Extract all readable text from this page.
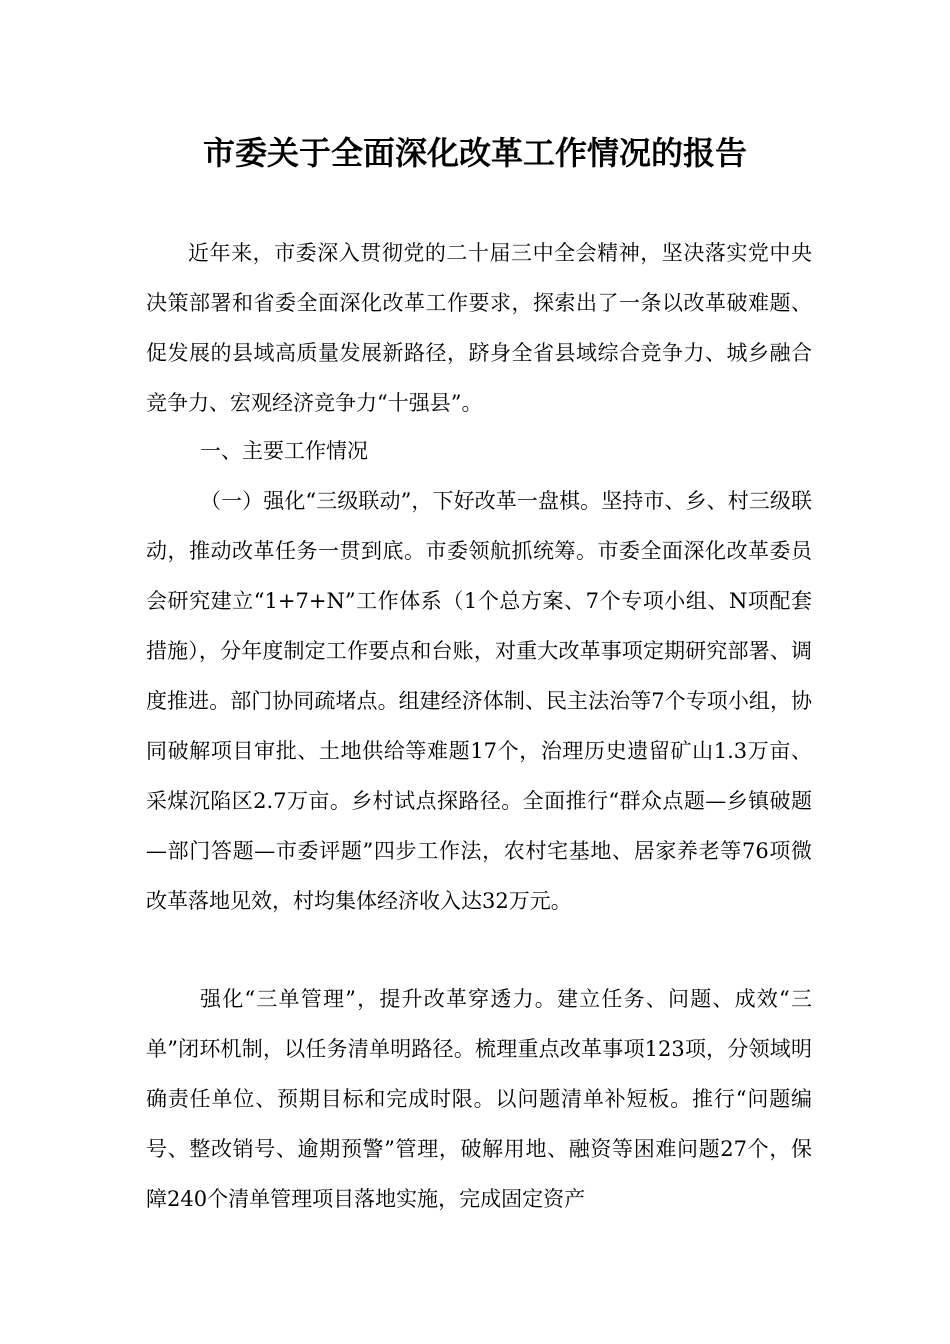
市委关于全面深化改革工作情况的报告

近年来，市委深入贯彻党的二十届三中全会精神，坚决落实党中央决策部署和省委全面深化改革工作要求，探索出了一条以改革破难题、促发展的县域高质量发展新路径，跻身全省县域综合竞争力、城乡融合竞争力、宏观经济竞争力“十强县”。

一、主要工作情况

（一）强化“三级联动”，下好改革一盘棋。坚持市、乡、村三级联动，推动改革任务一贯到底。市委领航抓统筹。市委全面深化改革委员会研究建立“1+7+N”工作体系（1个总方案、7个专项小组、N项配套措施），分年度制定工作要点和台账，对重大改革事项定期研究部署、调度推进。部门协同疏堵点。组建经济体制、民主法治等7个专项小组，协同破解项目审批、土地供给等难题17个，治理历史遗留矿山1.3万亩、采煤沉陷区2.7万亩。乡村试点探路径。全面推行“群众点题—乡镇破题—部门答题—市委评题”四步工作法，农村宅基地、居家养老等76项微改革落地见效，村均集体经济收入达32万元。

强化“三单管理”，提升改革穿透力。建立任务、问题、成效“三单”闭环机制，以任务清单明路径。梳理重点改革事项123项，分领域明确责任单位、预期目标和完成时限。以问题清单补短板。推行“问题编号、整改销号、逾期预警”管理，破解用地、融资等困难问题27个，保障240个清单管理项目落地实施，完成固定资产
